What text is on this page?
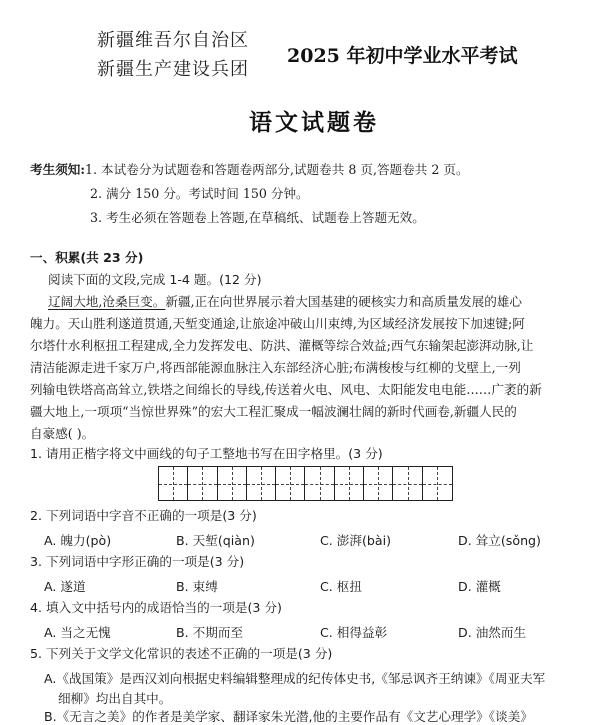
新疆维吾尔自治区
新疆生产建设兵团
2025 年初中学业水平考试
语文试题卷
考生须知:1. 本试卷分为试题卷和答题卷两部分,试题卷共 8 页,答题卷共 2 页。
2. 满分 150 分。考试时间 150 分钟。
3. 考生必须在答题卷上答题,在草稿纸、试题卷上答题无效。
一、积累(共 23 分)
阅读下面的文段,完成 1-4 题。(12 分)
辽阔大地,沧桑巨变。新疆,正在向世界展示着大国基建的硬核实力和高质量发展的雄心
魄力。天山胜利遂道贯通,天堑变通途,让旅途冲破山川束缚,为区域经济发展按下加速键;阿
尔塔什水利枢扭工程建成,全力发挥发电、防洪、灌概等综合效益;西气东输架起澎湃动脉,让
清洁能源走进千家万户,将西部能源血脉注入东部经济心脏;布满梭梭与红柳的戈壁上,一列
列输电铁塔高高耸立,铁塔之间绵长的导线,传送着火电、风电、太阳能发电电能……广袤的新
疆大地上,一项项“当惊世界殊”的宏大工程汇聚成一幅波澜壮阔的新时代画卷,新疆人民的
自豪感( )。
1. 请用正楷字将文中画线的句子工整地书写在田字格里。(3 分)
2. 下列词语中字音不正确的一项是(3 分)
A. 魄力(pò)	B. 天堑(qiàn)	C. 澎湃(bài)	D. 耸立(sǒng)
3. 下列词语中字形正确的一项是(3 分)
A. 遂道	B. 束缚	C. 枢扭	D. 灌概
4. 填入文中括号内的成语恰当的一项是(3 分)
A. 当之无愧	B. 不期而至	C. 相得益彰	D. 油然而生
5. 下列关于文学文化常识的表述不正确的一项是(3 分)
A.《战国策》是西汉刘向根据史料编辑整理成的纪传体史书,《邹忌讽齐王纳谏》《周亚夫军
细柳》均出自其中。
B.《无言之美》的作者是美学家、翻译家朱光潜,他的主要作品有《文艺心理学》《谈美》
